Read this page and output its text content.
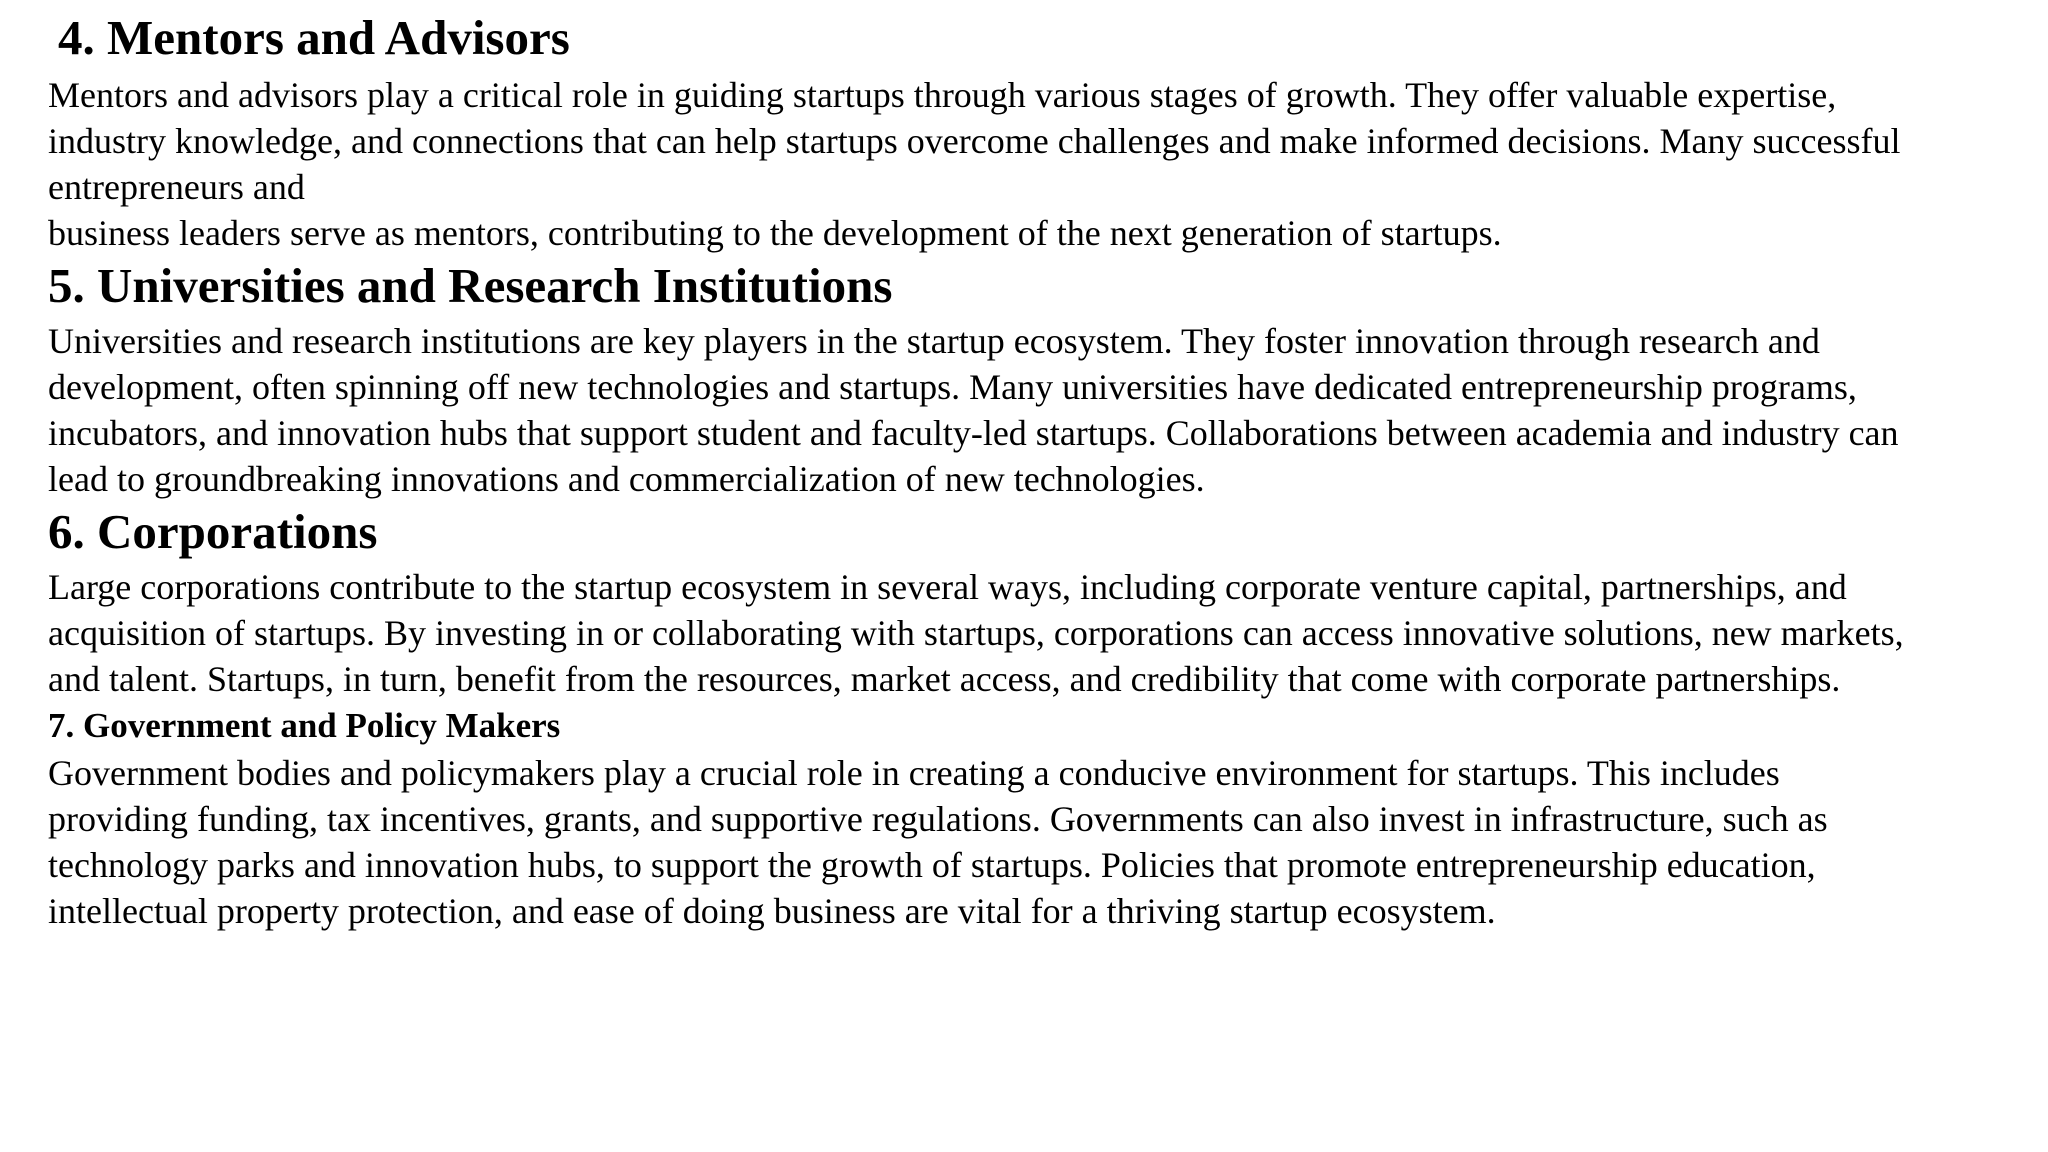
4. Mentors and Advisors

Mentors and advisors play a critical role in guiding startups through various stages of growth. They offer valuable expertise,
industry knowledge, and connections that can help startups overcome challenges and make informed decisions. Many successful
entrepreneurs and
business leaders serve as mentors, contributing to the development of the next generation of startups.

5. Universities and Research Institutions

Universities and research institutions are key players in the startup ecosystem. They foster innovation through research and
development, often spinning off new technologies and startups. Many universities have dedicated entrepreneurship programs,
incubators, and innovation hubs that support student and faculty-led startups. Collaborations between academia and industry can
lead to groundbreaking innovations and commercialization of new technologies.

6. Corporations

Large corporations contribute to the startup ecosystem in several ways, including corporate venture capital, partnerships, and
acquisition of startups. By investing in or collaborating with startups, corporations can access innovative solutions, new markets,
and talent. Startups, in turn, benefit from the resources, market access, and credibility that come with corporate partnerships.

7. Government and Policy Makers

Government bodies and policymakers play a crucial role in creating a conducive environment for startups. This includes
providing funding, tax incentives, grants, and supportive regulations. Governments can also invest in infrastructure, such as
technology parks and innovation hubs, to support the growth of startups. Policies that promote entrepreneurship education,
intellectual property protection, and ease of doing business are vital for a thriving startup ecosystem.
